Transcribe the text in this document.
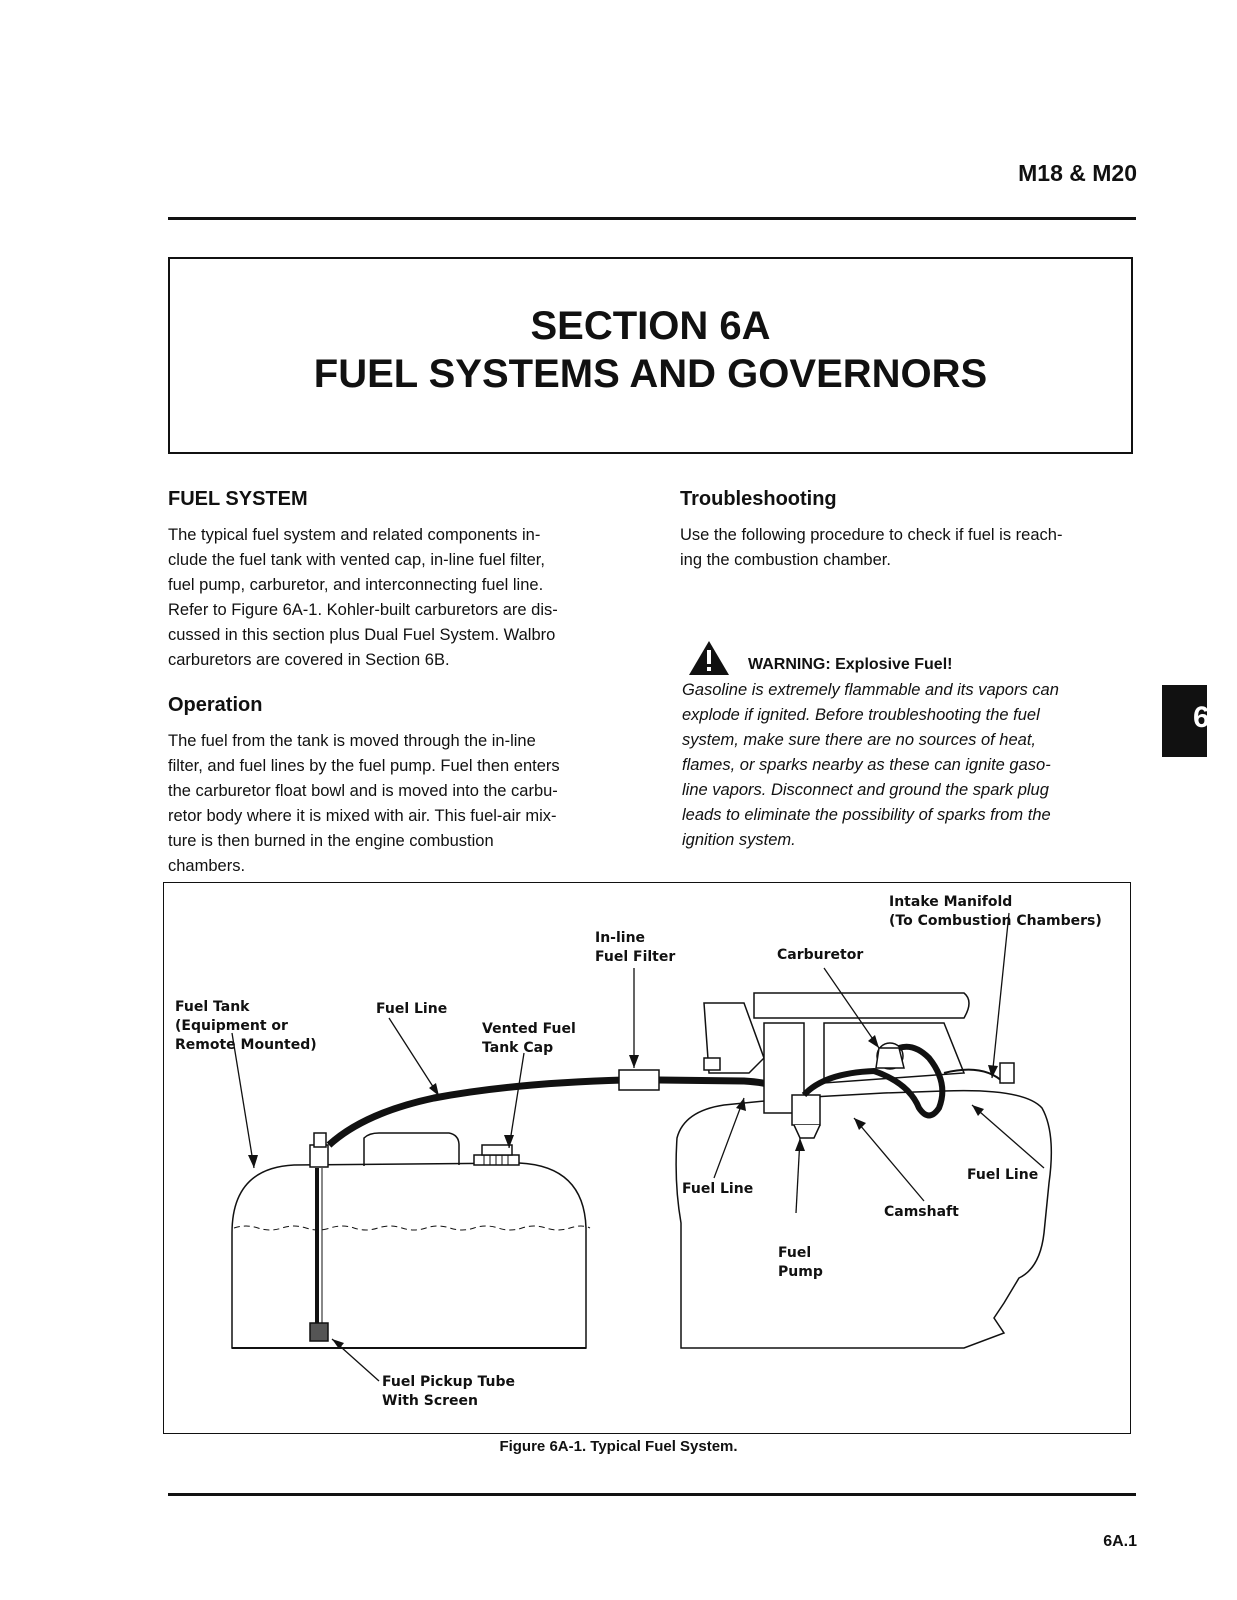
M18 & M20
SECTION 6A
FUEL SYSTEMS AND GOVERNORS
FUEL SYSTEM

The typical fuel system and related components in-

clude the fuel tank with vented cap, in-line fuel filter,

fuel pump, carburetor, and interconnecting fuel line.

Refer to Figure 6A-1. Kohler-built carburetors are dis-

cussed in this section plus Dual Fuel System. Walbro

carburetors are covered in Section 6B.

Operation

The fuel from the tank is moved through the in-line

filter, and fuel lines by the fuel pump. Fuel then enters

the carburetor float bowl and is moved into the carbu-

retor body where it is mixed with air. This fuel-air mix-

ture is then burned in the engine combustion

chambers.

Troubleshooting

Use the following procedure to check if fuel is reach-

ing the combustion chamber.

WARNING: Explosive Fuel!
Gasoline is extremely flammable and its vapors can
explode if ignited. Before troubleshooting the fuel
system, make sure there are no sources of heat,
flames, or sparks nearby as these can ignite gaso-
line vapors. Disconnect and ground the spark plug
leads to eliminate the possibility of sparks from the
ignition system.
6
Fuel Tank
(Equipment or
Remote Mounted)
Fuel Line
Vented Fuel
Tank Cap
In-line
Fuel Filter	Carburetor
Intake Manifold
(To Combustion Chambers)
Fuel Line
Fuel Line
Camshaft
Fuel
Pump
Fuel Pickup Tube
With Screen
Figure 6A-1. Typical Fuel System.
6A.1
